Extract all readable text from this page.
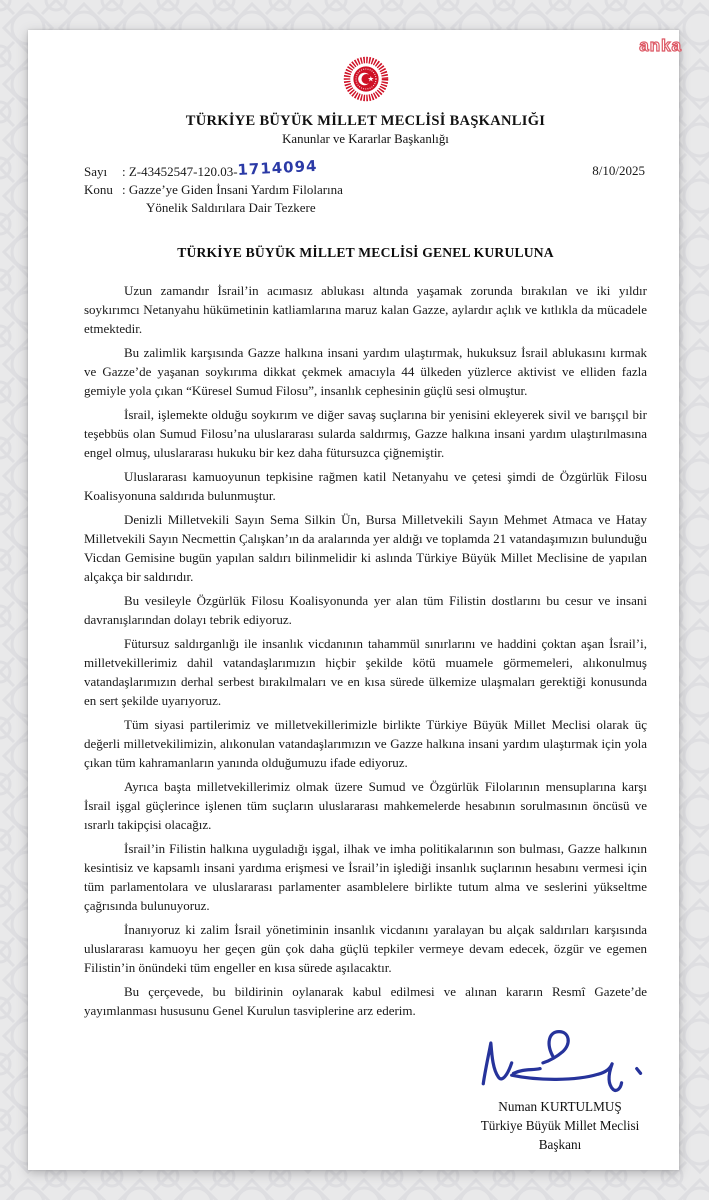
anka
TÜRKİYE BÜYÜK MİLLET MECLİSİ BAŞKANLIĞI
Kanunlar ve Kararlar Başkanlığı
Sayı : Z-43452547-120.03-1714094	8/10/2025
Konu : Gazze’ye Giden İnsani Yardım Filolarına
Yönelik Saldırılara Dair Tezkere
TÜRKİYE BÜYÜK MİLLET MECLİSİ GENEL KURULUNA

Uzun zamandır İsrail’in acımasız ablukası altında yaşamak zorunda bırakılan ve iki yıldır soykırımcı Netanyahu hükümetinin katliamlarına maruz kalan Gazze, aylardır açlık ve kıtlıkla da mücadele etmektedir.

Bu zalimlik karşısında Gazze halkına insani yardım ulaştırmak, hukuksuz İsrail ablukasını kırmak ve Gazze’de yaşanan soykırıma dikkat çekmek amacıyla 44 ülkeden yüzlerce aktivist ve elliden fazla gemiyle yola çıkan “Küresel Sumud Filosu”, insanlık cephesinin güçlü sesi olmuştur.

İsrail, işlemekte olduğu soykırım ve diğer savaş suçlarına bir yenisini ekleyerek sivil ve barışçıl bir teşebbüs olan Sumud Filosu’na uluslararası sularda saldırmış, Gazze halkına insani yardım ulaştırılmasına engel olmuş, uluslararası hukuku bir kez daha fütursuzca çiğnemiştir.

Uluslararası kamuoyunun tepkisine rağmen katil Netanyahu ve çetesi şimdi de Özgürlük Filosu Koalisyonuna saldırıda bulunmuştur.

Denizli Milletvekili Sayın Sema Silkin Ün, Bursa Milletvekili Sayın Mehmet Atmaca ve Hatay Milletvekili Sayın Necmettin Çalışkan’ın da aralarında yer aldığı ve toplamda 21 vatandaşımızın bulunduğu Vicdan Gemisine bugün yapılan saldırı bilinmelidir ki aslında Türkiye Büyük Millet Meclisine de yapılan alçakça bir saldırıdır.

Bu vesileyle Özgürlük Filosu Koalisyonunda yer alan tüm Filistin dostlarını bu cesur ve insani davranışlarından dolayı tebrik ediyoruz.

Fütursuz saldırganlığı ile insanlık vicdanının tahammül sınırlarını ve haddini çoktan aşan İsrail’i, milletvekillerimiz dahil vatandaşlarımızın hiçbir şekilde kötü muamele görmemeleri, alıkonulmuş vatandaşlarımızın derhal serbest bırakılmaları ve en kısa sürede ülkemize ulaşmaları gerektiği konusunda en sert şekilde uyarıyoruz.

Tüm siyasi partilerimiz ve milletvekillerimizle birlikte Türkiye Büyük Millet Meclisi olarak üç değerli milletvekilimizin, alıkonulan vatandaşlarımızın ve Gazze halkına insani yardım ulaştırmak için yola çıkan tüm kahramanların yanında olduğumuzu ifade ediyoruz.

Ayrıca başta milletvekillerimiz olmak üzere Sumud ve Özgürlük Filolarının mensuplarına karşı İsrail işgal güçlerince işlenen tüm suçların uluslararası mahkemelerde hesabının sorulmasının öncüsü ve ısrarlı takipçisi olacağız.

İsrail’in Filistin halkına uyguladığı işgal, ilhak ve imha politikalarının son bulması, Gazze halkının kesintisiz ve kapsamlı insani yardıma erişmesi ve İsrail’in işlediği insanlık suçlarının hesabını vermesi için tüm parlamentolara ve uluslararası parlamenter asamblelere birlikte tutum alma ve seslerini yükseltme çağrısında bulunuyoruz.

İnanıyoruz ki zalim İsrail yönetiminin insanlık vicdanını yaralayan bu alçak saldırıları karşısında uluslararası kamuoyu her geçen gün çok daha güçlü tepkiler vermeye devam edecek, özgür ve egemen Filistin’in önündeki tüm engeller en kısa sürede aşılacaktır.

Bu çerçevede, bu bildirinin oylanarak kabul edilmesi ve alınan kararın Resmî Gazete’de yayımlanması hususunu Genel Kurulun tasviplerine arz ederim.

Numan KURTULMUŞ
Türkiye Büyük Millet Meclisi
Başkanı
